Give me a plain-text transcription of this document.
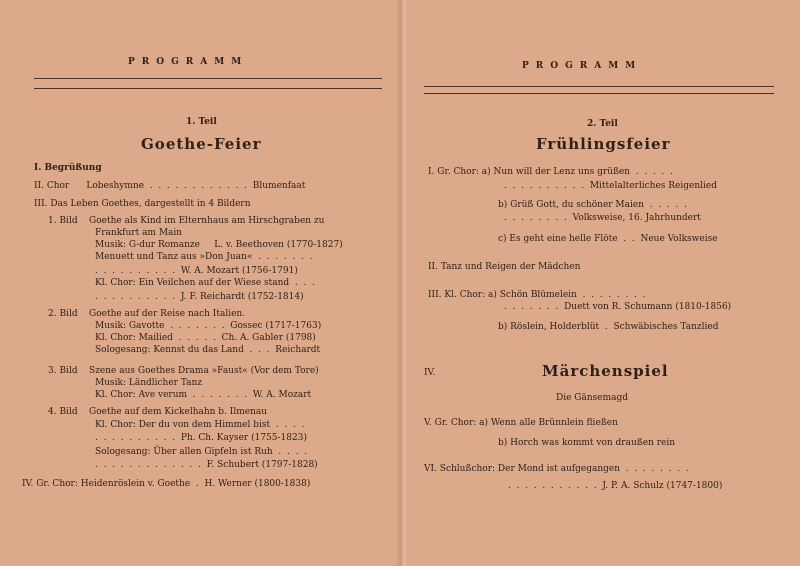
PROGRAMM
1. Teil
Goethe-Feier
I. Begrüßung
II. Chor      Lobeshymne  .  .  .  .  .  .  .  .  .  .  .  .  Blumenfaat
III. Das Leben Goethes, dargestellt in 4 Bildern
1. Bild    Goethe als Kind im Elternhaus am Hirschgraben zu
Frankfurt am Main
Musik: G-dur Romanze     L. v. Beethoven (1770-1827)
Menuett und Tanz aus »Don Juan«  .  .  .  .  .  .  .
.  .  .  .  .  .  .  .  .  .  W. A. Mozart (1756-1791)
Kl. Chor: Ein Veilchen auf der Wiese stand  .  .  .
.  .  .  .  .  .  .  .  .  .  J. F. Reichardt (1752-1814)
2. Bild    Goethe auf der Reise nach Italien.
Musik: Gavotte  .  .  .  .  .  .  .  Gossec (1717-1763)
Kl. Chor: Mailied  .  .  .  .  .  Ch. A. Gabler (1798)
Sologesang: Kennst du das Land  .  .  .  Reichardt
3. Bild    Szene aus Goethes Drama »Faust« (Vor dem Tore)
Musik: Ländlicher Tanz
Kl. Chor: Ave verum  .  .  .  .  .  .  .  W. A. Mozart
4. Bild    Goethe auf dem Kickelhahn b. Ilmenau
Kl. Chor: Der du von dem Himmel bist  .  .  .  .
.  .  .  .  .  .  .  .  .  .  Ph. Ch. Kayser (1755-1823)
Sologesang: Über allen Gipfeln ist Ruh  .  .  .  .
.  .  .  .  .  .  .  .  .  .  .  .  .  F. Schubert (1797-1828)
IV. Gr. Chor: Heidenröslein v. Goethe  .  H. Werner (1800-1838)
PROGRAMM
2. Teil
Frühlingsfeier
I. Gr. Chor: a) Nun will der Lenz uns grüßen  .  .  .  .  .
.  .  .  .  .  .  .  .  .  .  Mittelalterliches Reigenlied
b) Grüß Gott, du schöner Maien  .  .  .  .  .
.  .  .  .  .  .  .  .  Volksweise, 16. Jahrhundert
c) Es geht eine helle Flöte  .  .  Neue Volksweise
II. Tanz und Reigen der Mädchen
III. Kl. Chor: a) Schön Blümelein  .  .  .  .  .  .  .  .
.  .  .  .  .  .  .  Duett von R. Schumann (1810-1856)
b) Röslein, Holderblüt  .  Schwäbisches Tanzlied
IV.	Märchenspiel
Die Gänsemagd
V. Gr. Chor: a) Wenn alle Brünnlein fließen
b) Horch was kommt von draußen rein
VI. Schlußchor: Der Mond ist aufgegangen  .  .  .  .  .  .  .  .
.  .  .  .  .  .  .  .  .  .  .  J. P. A. Schulz (1747-1800)
